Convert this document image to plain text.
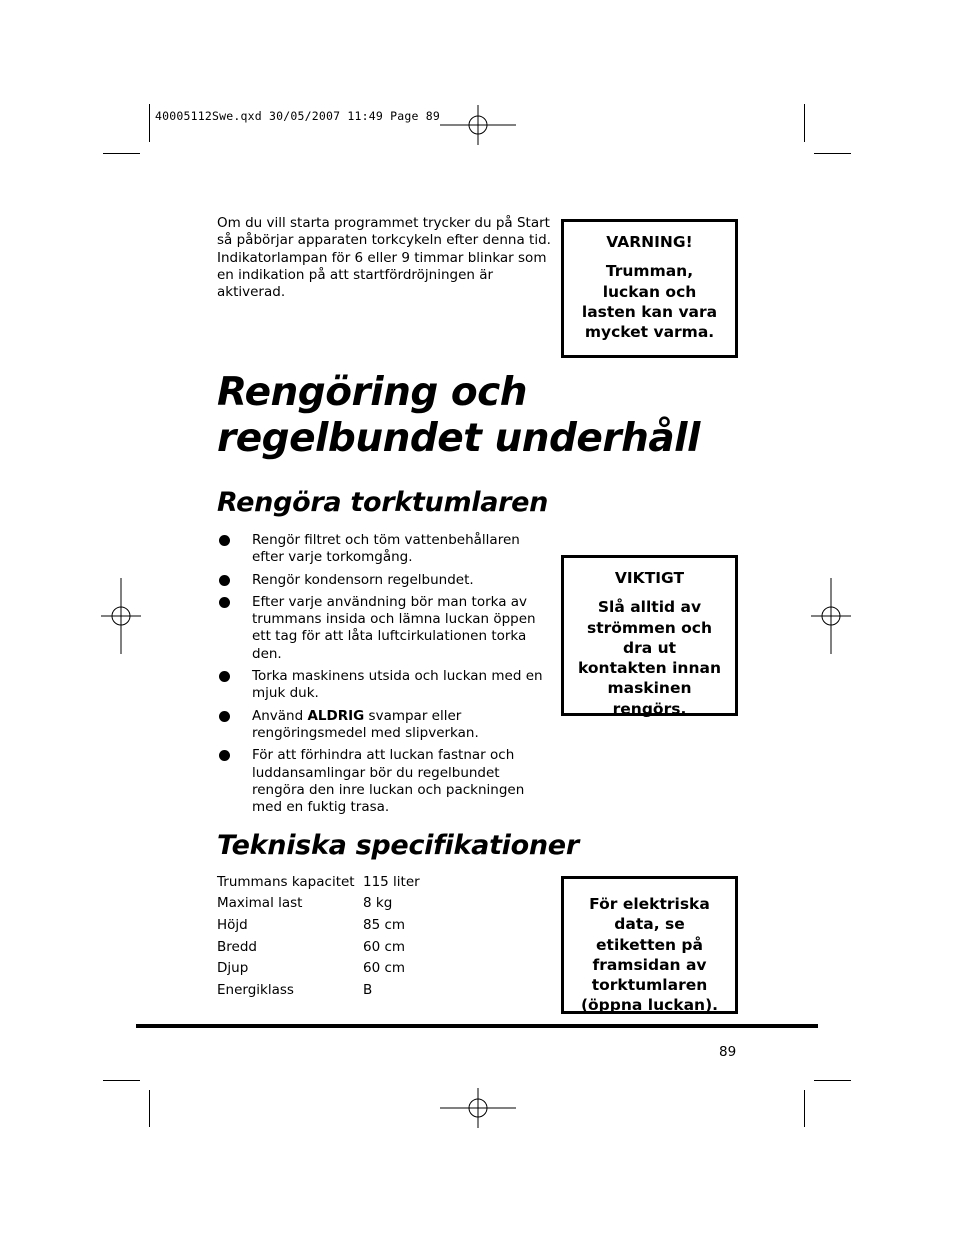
40005112Swe.qxd 30/05/2007 11:49 Page 89
Om du vill starta programmet trycker du på Start så påbörjar apparaten torkcykeln efter denna tid. Indikatorlampan för 6 eller 9 timmar blinkar som en indikation på att startfördröjningen är aktiverad.
VARNING!
Trumman, luckan och lasten kan vara mycket varma.
Rengöring och regelbundet underhåll
Rengöra torktumlaren
Rengör filtret och töm vattenbehållaren efter varje torkomgång.
Rengör kondensorn regelbundet.
Efter varje användning bör man torka av trummans insida och lämna luckan öppen ett tag för att låta luftcirkulationen torka den.
Torka maskinens utsida och luckan med en mjuk duk.
Använd ALDRIG svampar eller rengöringsmedel med slipverkan.
För att förhindra att luckan fastnar och luddansamlingar bör du regelbundet rengöra den inre luckan och packningen med en fuktig trasa.
VIKTIGT
Slå alltid av strömmen och dra ut kontakten innan maskinen rengörs.
Tekniska specifikationer
Trummans kapacitet	115 liter
Maximal last	8 kg
Höjd	85 cm
Bredd	60 cm
Djup	60 cm
Energiklass	B
För elektriska data, se etiketten på framsidan av torktumlaren (öppna luckan).
89
